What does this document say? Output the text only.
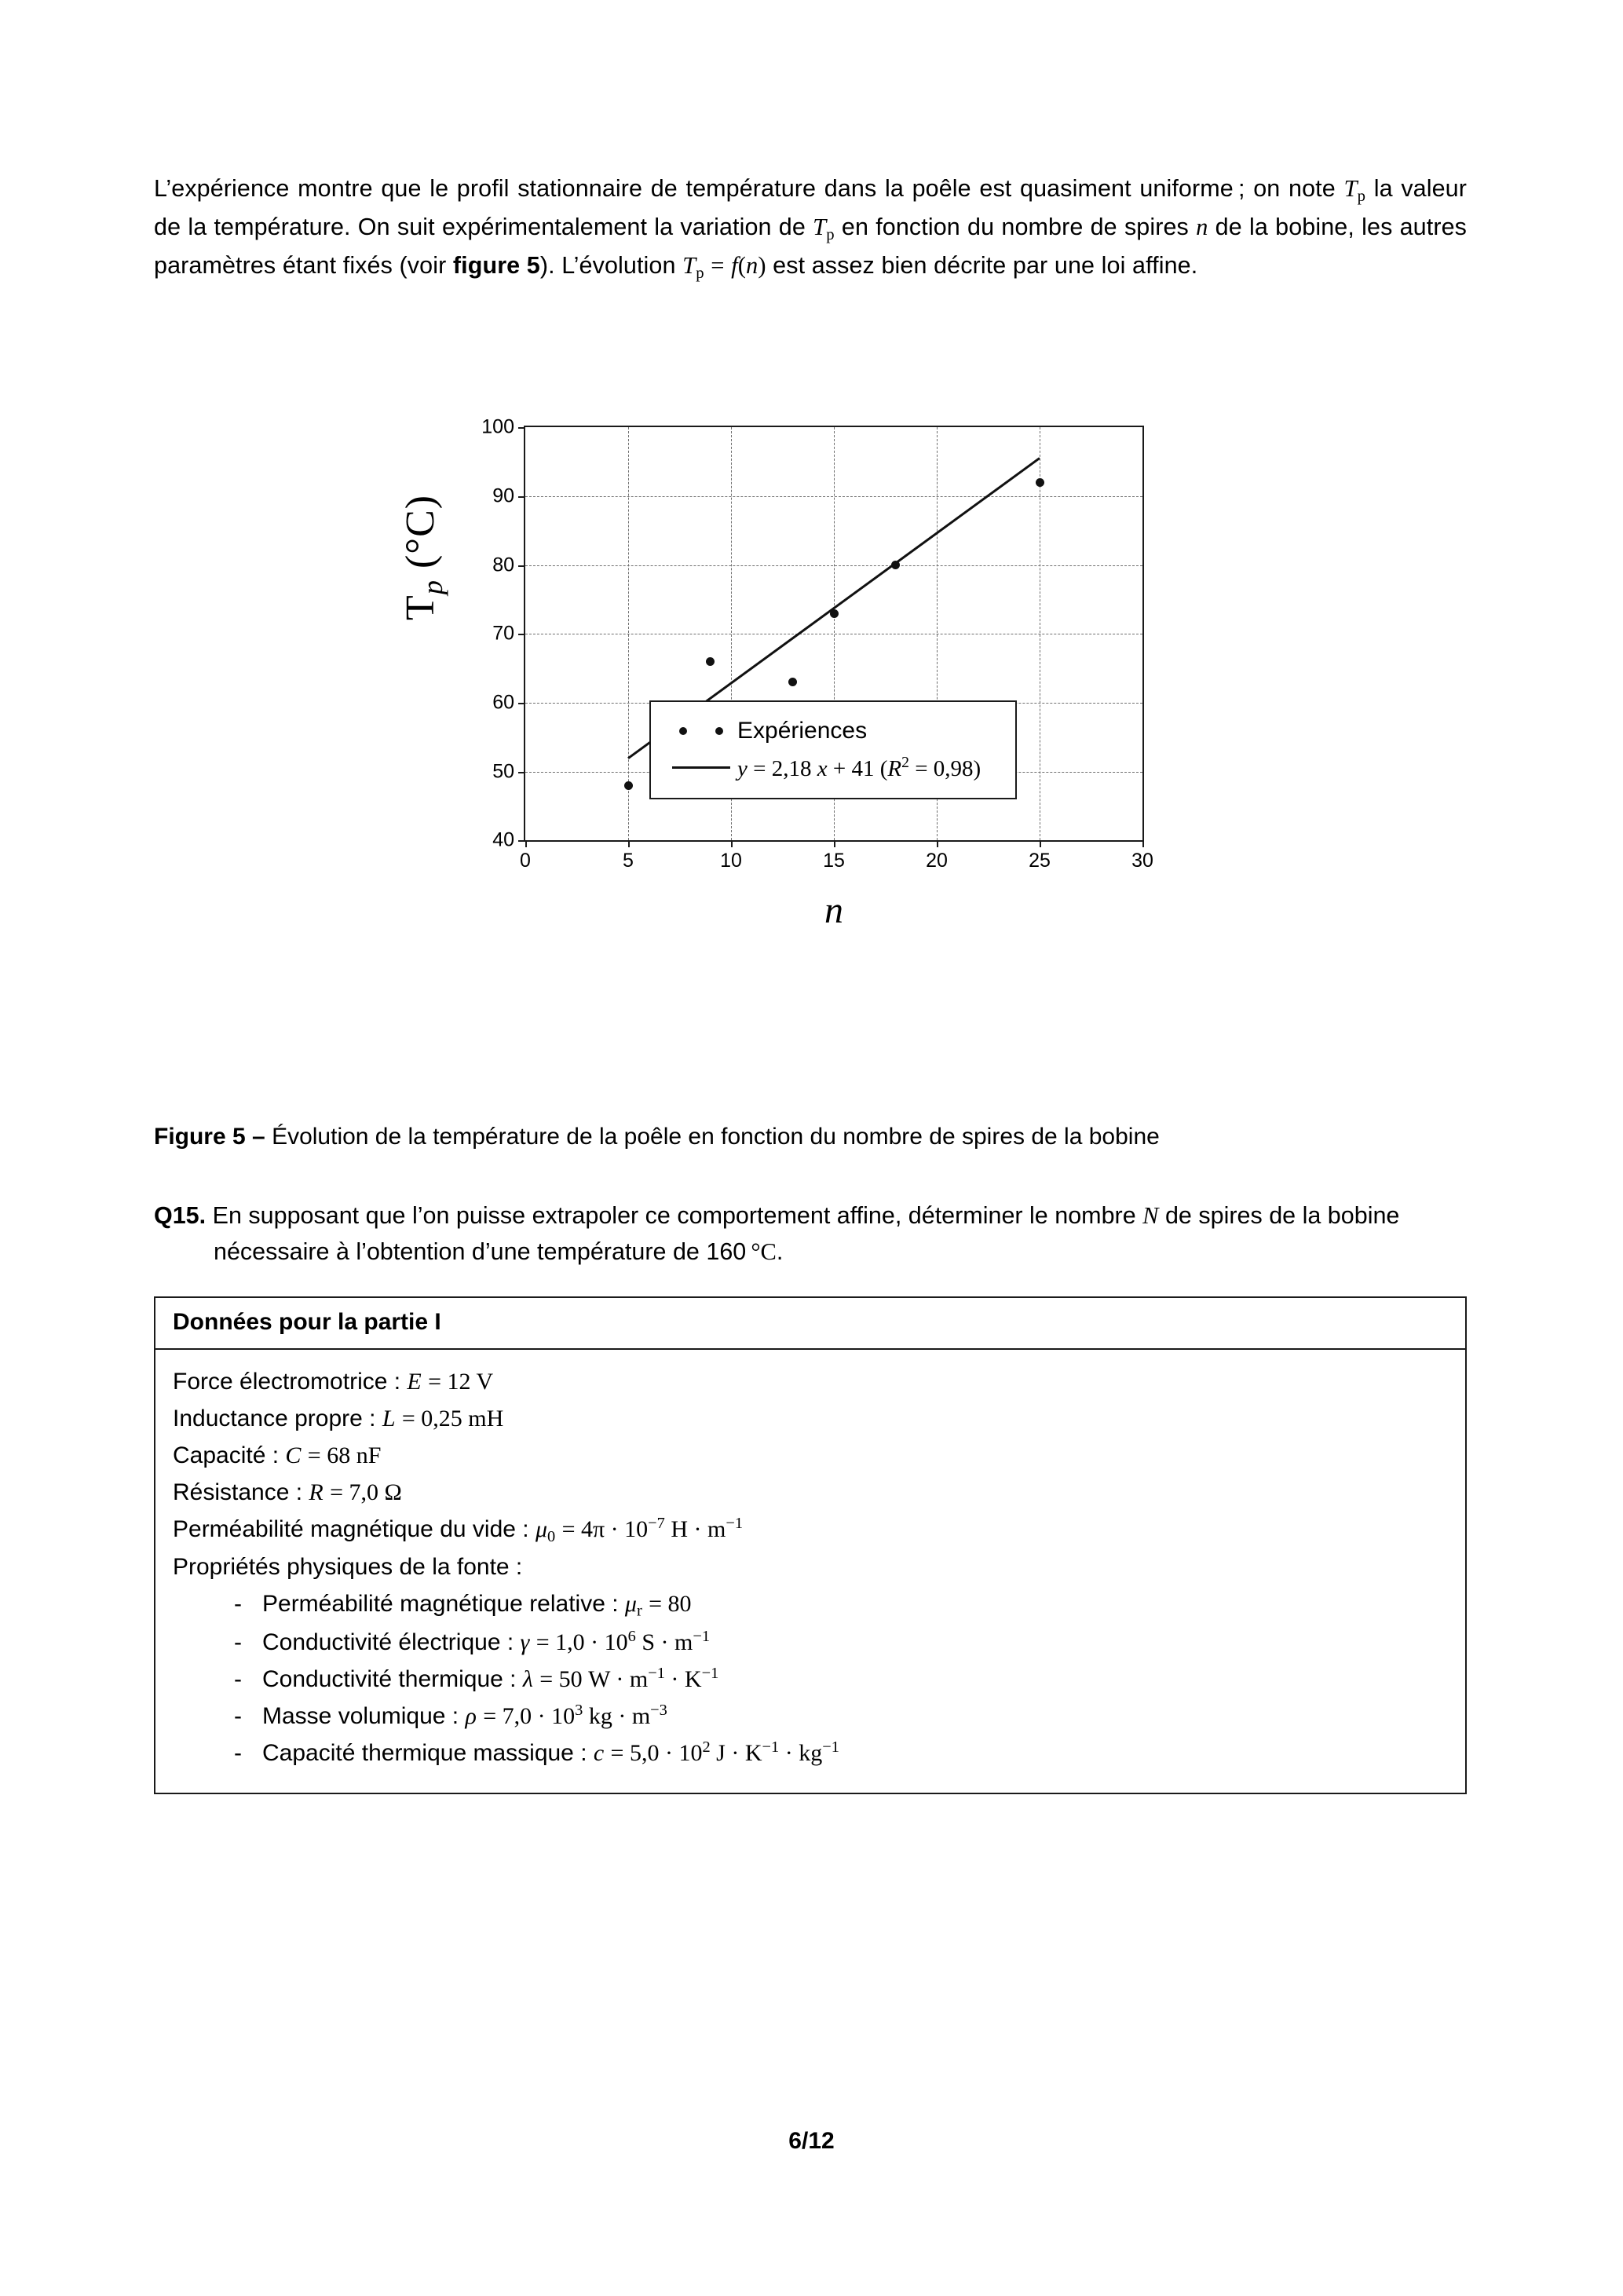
L’expérience montre que le profil stationnaire de température dans la poêle est quasiment uniforme ; on note $T_p$ la valeur de la température. On suit expérimentalement la variation de $T_p$ en fonction du nombre de spires n de la bobine, les autres paramètres étant fixés (voir figure 5). L’évolution $T_p = f(n)$ est assez bien décrite par une loi affine.

$T_p$ (°C)
40
50
60
70
80
90
100
0	5	10	15	20	25	30
n
Expériences
y = 2,18 x + 41 $(R^2 = 0,98)$
Figure 5 – Évolution de la température de la poêle en fonction du nombre de spires de la bobine
Q15. En supposant que l’on puisse extrapoler ce comportement affine, déterminer le nombre N de spires de la bobine nécessaire à l’obtention d’une température de 160 °C.
Données pour la partie I
Force électromotrice : E = 12 V
Inductance propre : L = 0,25 mH
Capacité : C = 68 nF
Résistance : R = 7,0 Ω
Perméabilité magnétique du vide : $\mu_0 = 4\pi \cdot 10^{-7}$ $H \cdot m^{-1}$
Propriétés physiques de la fonte :
- Perméabilité magnétique relative : $\mu_r = 80$
- Conductivité électrique : $\gamma = 1,0 \cdot 10^6$ $S \cdot m^{-1}$
- Conductivité thermique : λ = 50 $W \cdot m^{-1} \cdot K^{-1}$
- Masse volumique : $\rho = 7,0 \cdot 10^3$ kg · $m^{-3}$
- Capacité thermique massique : $c = 5,0 \cdot 10^2$ $J \cdot K^{-1} \cdot kg^{-1}$
6/12
